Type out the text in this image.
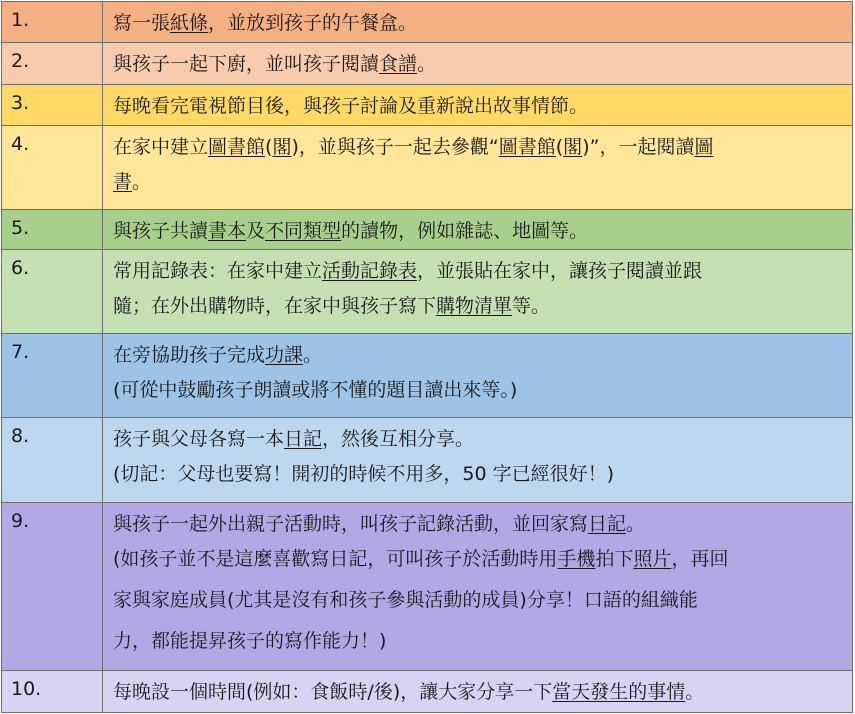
1.	寫一張紙條，並放到孩子的午餐盒。

2.	與孩子一起下廚，並叫孩子閱讀食譜。

3.	每晚看完電視節目後，與孩子討論及重新說出故事情節。

4.	在家中建立圖書館(閣)，並與孩子一起去參觀“圖書館(閣)”，一起閱讀圖
書。

5.	與孩子共讀書本及不同類型的讀物，例如雜誌、地圖等。

6.	常用記錄表：在家中建立活動記錄表，並張貼在家中，讓孩子閱讀並跟
隨；在外出購物時，在家中與孩子寫下購物清單等。

7.	在旁協助孩子完成功課。
(可從中鼓勵孩子朗讀或將不懂的題目讀出來等。)

8.	孩子與父母各寫一本日記，然後互相分享。
(切記：父母也要寫！開初的時候不用多，50 字已經很好！)

9.	與孩子一起外出親子活動時，叫孩子記錄活動，並回家寫日記。
(如孩子並不是這麼喜歡寫日記，可叫孩子於活動時用手機拍下照片，再回
家與家庭成員(尤其是沒有和孩子參與活動的成員)分享！口語的組織能
力，都能提昇孩子的寫作能力！)

10.	每晚設一個時間(例如：食飯時/後)，讓大家分享一下當天發生的事情。
